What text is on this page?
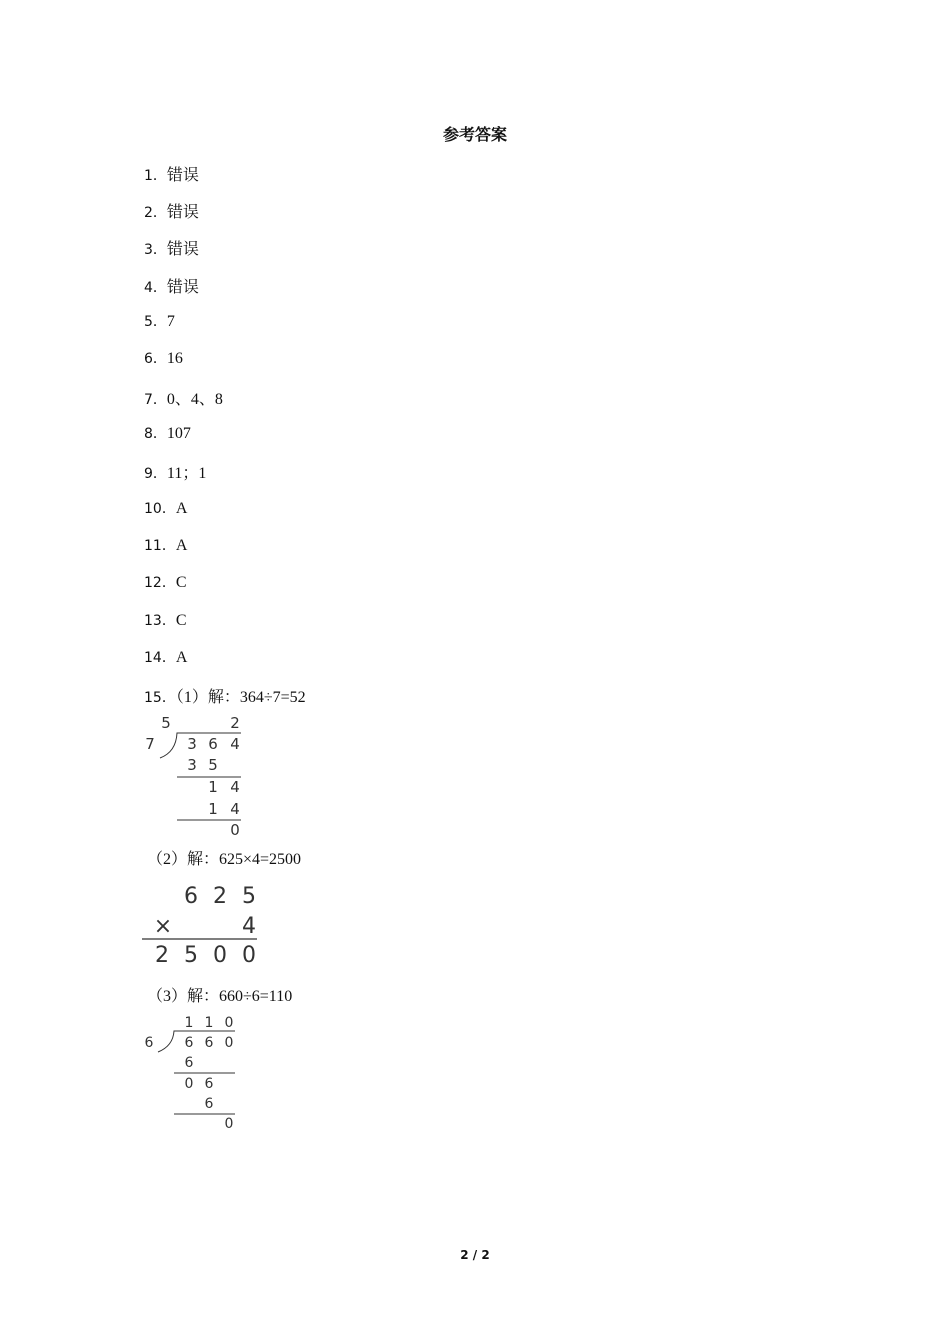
参考答案
1．错误
2．错误
3．错误
4．错误
5．7
6．16
7．0、4、8
8．107
9．11；1
10．A
11．A
12．C
13．C
14．A
15．（1）解：364÷7=52
5	2
7 3 6 4
3 5
1 4
1 4
0
（2）解：625×4=2500
6 2 5
×	4
2 5 0 0
（3）解：660÷6=110
1 1 0
6 6 6 0
6
0 6
6
0
2 / 2
